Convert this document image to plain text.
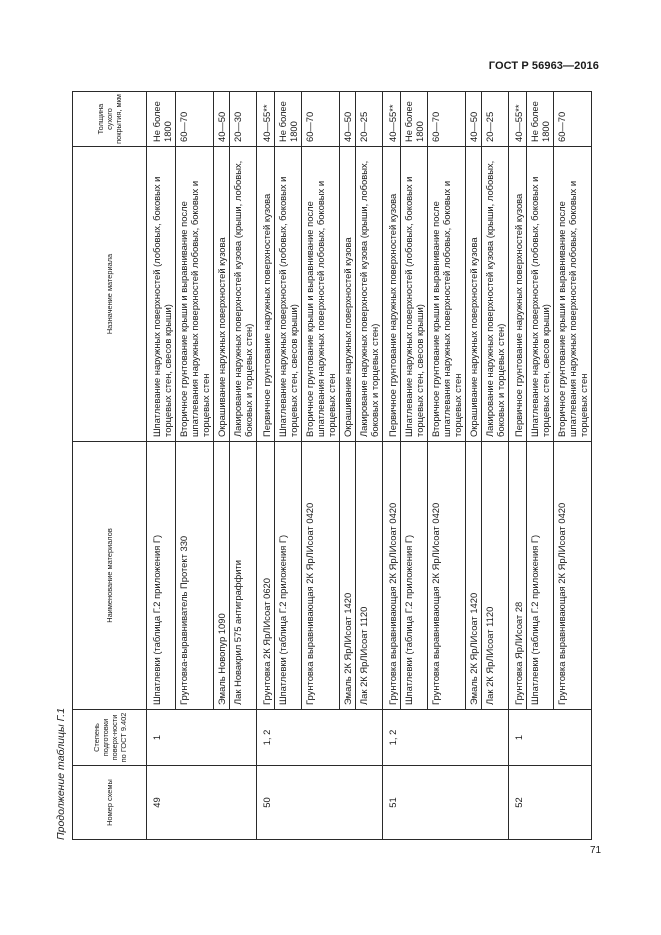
ГОСТ Р 56963—2016
Продолжение таблицы Г.1	Номер схемы	Степень подготовки поверх-ности по ГОСТ 9.402	Наименование материалов	Назначение материала	Толщина сухого покрытия, мкм
49	1	Шпатлевки (таблица Г.2 приложения Г)	Шпатлевание наружных поверхностей (лобовых, боковых и торцевых стен, свесов крыши)	Не более 1800
		Грунтовка-выравниватель Протект 330	Вторичное грунтование крыши и выравнивание после шпатлевания наружных поверхностей лобовых, боковых и торцевых стен	60—70
		Эмаль Новопур 1090	Окрашивание наружных поверхностей кузова	40—50
		Лак Новакрил 575 антиграффити	Лакирование наружных поверхностей кузова (крыши, лобовых, боковых и торцевых стен)	20—30
50	1, 2	Грунтовка 2К ЯрЛИсоат 0620	Первичное грунтование наружных поверхностей кузова	40—55**
		Шпатлевки (таблица Г.2 приложения Г)	Шпатлевание наружных поверхностей (лобовых, боковых и торцевых стен, свесов крыши)	Не более 1800
		Грунтовка выравнивающая 2К ЯрЛИсоат 0420	Вторичное грунтование крыши и выравнивание после шпатлевания наружных поверхностей лобовых, боковых и торцевых стен	60—70
		Эмаль 2К ЯрЛИсоат 1420	Окрашивание наружных поверхностей кузова	40—50
		Лак 2К ЯрЛИсоат 1120	Лакирование наружных поверхностей кузова (крыши, лобовых, боковых и торцевых стен)	20—25
51	1, 2	Грунтовка выравнивающая 2К ЯрЛИсоат 0420	Первичное грунтование наружных поверхностей кузова	40—55**
		Шпатлевки (таблица Г.2 приложения Г)	Шпатлевание наружных поверхностей (лобовых, боковых и торцевых стен, свесов крыши)	Не более 1800
		Грунтовка выравнивающая 2К ЯрЛИсоат 0420	Вторичное грунтование крыши и выравнивание после шпатлевания наружных поверхностей лобовых, боковых и торцевых стен	60—70
		Эмаль 2К ЯрЛИсоат 1420	Окрашивание наружных поверхностей кузова	40—50
		Лак 2К ЯрЛИсоат 1120	Лакирование наружных поверхностей кузова (крыши, лобовых, боковых и торцевых стен)	20—25
52	1	Грунтовка ЯрЛИсоат 28	Первичное грунтование наружных поверхностей кузова	40—55**
		Шпатлевки (таблица Г.2 приложения Г)	Шпатлевание наружных поверхностей (лобовых, боковых и торцевых стен, свесов крыши)	Не более 1800
		Грунтовка выравнивающая 2К ЯрЛИсоат 0420	Вторичное грунтование крыши и выравнивание после шпатлевания наружных поверхностей лобовых, боковых и торцевых стен	60—70
71
